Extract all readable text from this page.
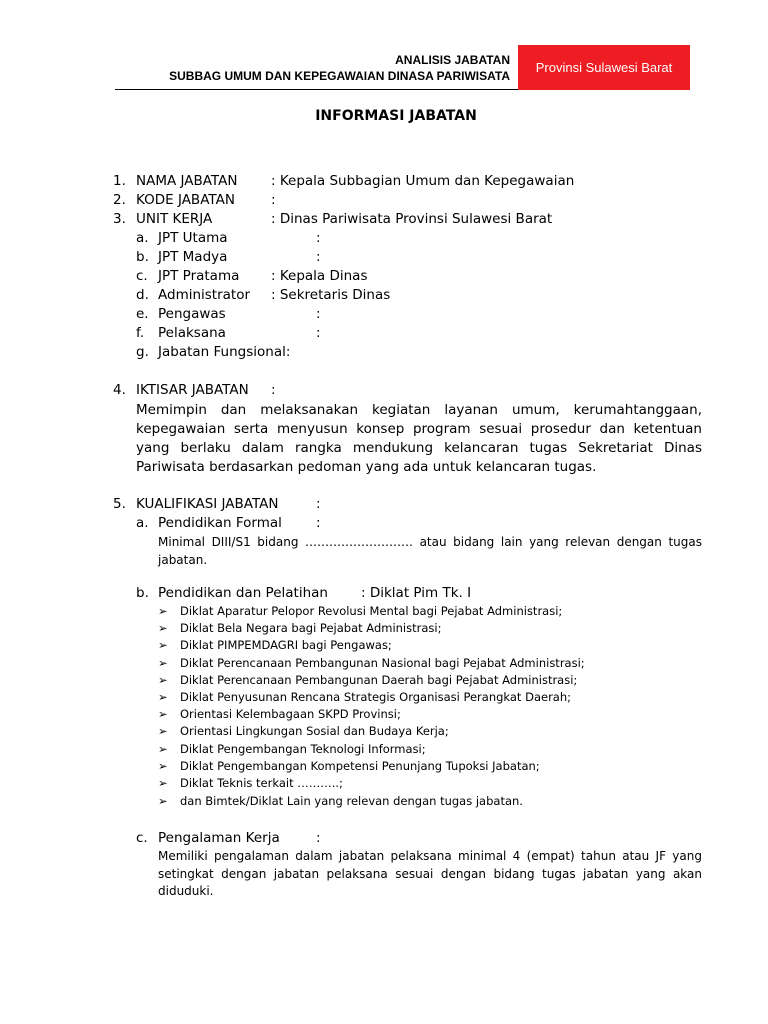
ANALISIS JABATAN
SUBBAG UMUM DAN KEPEGAWAIAN DINASA PARIWISATA
Provinsi Sulawesi Barat
INFORMASI JABATAN
1. NAMA JABATAN : Kepala Subbagian Umum dan Kepegawaian
2. KODE JABATAN	:
3. UNIT KERJA	: Dinas Pariwisata Provinsi Sulawesi Barat
a. JPT Utama	:
b. JPT Madya	:
c. JPT Pratama : Kepala Dinas
d. Administrator : Sekretaris Dinas
e. Pengawas	:
f. Pelaksana	:
g. Jabatan Fungsional:
4. IKTISAR JABATAN :
Memimpin dan melaksanakan kegiatan layanan umum, kerumahtanggaan, kepegawaian serta menyusun konsep program sesuai prosedur dan ketentuan yang berlaku dalam rangka mendukung kelancaran tugas Sekretariat Dinas Pariwisata berdasarkan pedoman yang ada untuk kelancaran tugas.
5. KUALIFIKASI JABATAN	:
a. Pendidikan Formal	:
Minimal DIII/S1 bidang ……………………… atau bidang lain yang relevan dengan tugas jabatan.
b. Pendidikan dan Pelatihan : Diklat Pim Tk. I
➢ Diklat Aparatur Pelopor Revolusi Mental bagi Pejabat Administrasi;
➢ Diklat Bela Negara bagi Pejabat Administrasi;
➢ Diklat PIMPEMDAGRI bagi Pengawas;
➢ Diklat Perencanaan Pembangunan Nasional bagi Pejabat Administrasi;
➢ Diklat Perencanaan Pembangunan Daerah bagi Pejabat Administrasi;
➢ Diklat Penyusunan Rencana Strategis Organisasi Perangkat Daerah;
➢ Orientasi Kelembagaan SKPD Provinsi;
➢ Orientasi Lingkungan Sosial dan Budaya Kerja;
➢ Diklat Pengembangan Teknologi Informasi;
➢ Diklat Pengembangan Kompetensi Penunjang Tupoksi Jabatan;
➢ Diklat Teknis terkait ………..;
➢ dan Bimtek/Diklat Lain yang relevan dengan tugas jabatan.
c. Pengalaman Kerja	:
Memiliki pengalaman dalam jabatan pelaksana minimal 4 (empat) tahun atau JF yang setingkat dengan jabatan pelaksana sesuai dengan bidang tugas jabatan yang akan diduduki.
